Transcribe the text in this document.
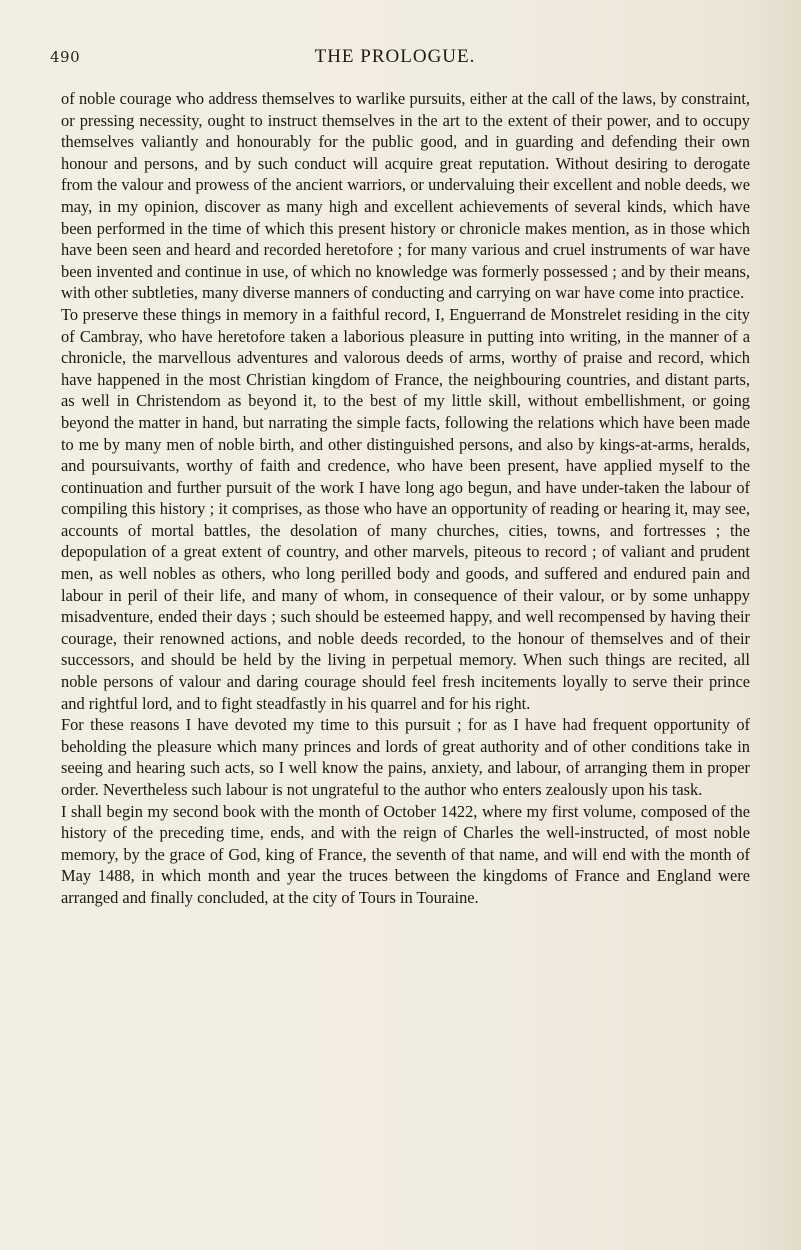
490	THE PROLOGUE.

of noble courage who address themselves to warlike pursuits, either at the call of the laws, by constraint, or pressing necessity, ought to instruct themselves in the art to the extent of their power, and to occupy themselves valiantly and honourably for the public good, and in guarding and defending their own honour and persons, and by such conduct will acquire great reputation. Without desiring to derogate from the valour and prowess of the ancient warriors, or undervaluing their excellent and noble deeds, we may, in my opinion, discover as many high and excellent achievements of several kinds, which have been performed in the time of which this present history or chronicle makes mention, as in those which have been seen and heard and recorded heretofore ; for many various and cruel instruments of war have been invented and continue in use, of which no knowledge was formerly possessed ; and by their means, with other subtleties, many diverse manners of conducting and carrying on war have come into practice.

To preserve these things in memory in a faithful record, I, Enguerrand de Monstrelet residing in the city of Cambray, who have heretofore taken a laborious pleasure in putting into writing, in the manner of a chronicle, the marvellous adventures and valorous deeds of arms, worthy of praise and record, which have happened in the most Christian kingdom of France, the neighbouring countries, and distant parts, as well in Christendom as beyond it, to the best of my little skill, without embellishment, or going beyond the matter in hand, but narrating the simple facts, following the relations which have been made to me by many men of noble birth, and other distinguished persons, and also by kings-at-arms, heralds, and poursuivants, worthy of faith and credence, who have been present, have applied myself to the continuation and further pursuit of the work I have long ago begun, and have under-taken the labour of compiling this history ; it comprises, as those who have an opportunity of reading or hearing it, may see, accounts of mortal battles, the desolation of many churches, cities, towns, and fortresses ; the depopulation of a great extent of country, and other marvels, piteous to record ; of valiant and prudent men, as well nobles as others, who long perilled body and goods, and suffered and endured pain and labour in peril of their life, and many of whom, in consequence of their valour, or by some unhappy misadventure, ended their days ; such should be esteemed happy, and well recompensed by having their courage, their renowned actions, and noble deeds recorded, to the honour of themselves and of their successors, and should be held by the living in perpetual memory. When such things are recited, all noble persons of valour and daring courage should feel fresh incitements loyally to serve their prince and rightful lord, and to fight steadfastly in his quarrel and for his right.

For these reasons I have devoted my time to this pursuit ; for as I have had frequent opportunity of beholding the pleasure which many princes and lords of great authority and of other conditions take in seeing and hearing such acts, so I well know the pains, anxiety, and labour, of arranging them in proper order. Nevertheless such labour is not ungrateful to the author who enters zealously upon his task.

I shall begin my second book with the month of October 1422, where my first volume, composed of the history of the preceding time, ends, and with the reign of Charles the well-instructed, of most noble memory, by the grace of God, king of France, the seventh of that name, and will end with the month of May 1488, in which month and year the truces between the kingdoms of France and England were arranged and finally concluded, at the city of Tours in Touraine.
